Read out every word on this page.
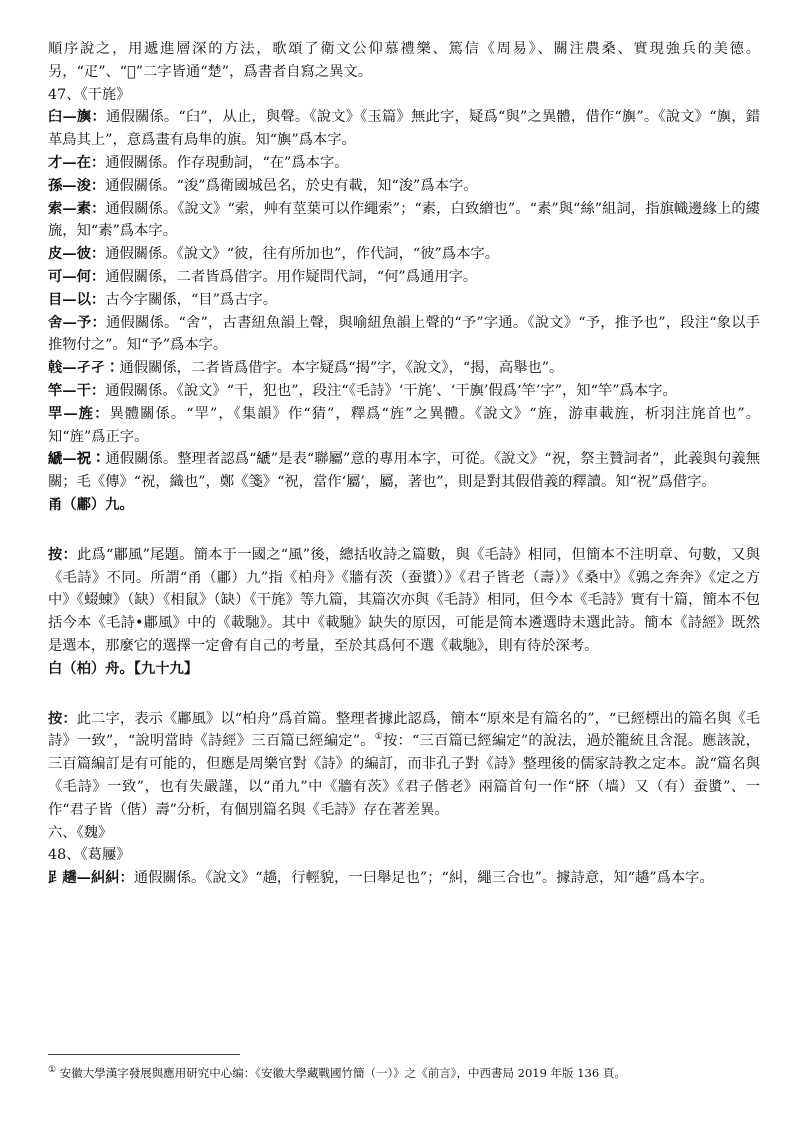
順序說之，用遞進層深的方法，歌頌了衛文公仰慕禮樂、篤信《周易》、關注農桑、實現強兵的美德。另，“疋”、“𤕫”二字皆通“楚”，爲書者自寫之異文。

47、《干旄》

𦥑—旟：通假關係。“𦥑”，从止，與聲。《說文》《玉篇》無此字，疑爲“與”之異體，借作“旟”。《說文》“旟，錯革鳥其上”，意爲畫有鳥隼的旗。知“旟”爲本字。

才—在：通假關係。作存現動詞，“在”爲本字。

孫—浚：通假關係。“浚”爲衛國城邑名，於史有載，知“浚”爲本字。

索—素：通假關係。《說文》“索，艸有莖葉可以作繩索”；“素，白致繒也”。“素”與“絲”組詞，指旗幟邊緣上的縷旒，知“素”爲本字。

皮—彼：通假關係。《說文》“彼，往有所加也”，作代詞，“彼”爲本字。

可—何：通假關係，二者皆爲借字。用作疑問代詞，“何”爲通用字。

目—以：古今字關係，“目”爲古字。

舍—予：通假關係。“舍”，古書紐魚韻上聲，與喻紐魚韻上聲的“予”字通。《說文》“予，推予也”，段注“象以手推物付之”。知“予”爲本字。

𢧢—孑孑：通假關係，二者皆爲借字。本字疑爲“揭”字，《說文》，“揭，高舉也”。

竿—干：通假關係。《說文》“干，犯也”，段注“《毛詩》‘干旄’、‘干旟’假爲‘竿’字”，知“竿”爲本字。

䍐—旌：異體關係。“䍐”，《集韻》作“猜”，釋爲“旌”之異體。《說文》“旌，游車載旌，析羽注旄首也”。知“旌”爲正字。

𦃇—祝：通假關係。整理者認爲“𦃇”是表“聯屬”意的專用本字，可從。《說文》“祝，祭主贊詞者”，此義與句義無關；毛《傳》“祝，織也”，鄭《箋》“祝，當作‘屬’，屬，著也”，則是對其假借義的釋讀。知“祝”爲借字。

甬（鄘）九。

按：此爲“鄘風”尾題。簡本于一國之“風”後，總括收詩之篇數，與《毛詩》相同，但簡本不注明章、句數，又與《毛詩》不同。所謂“甬（鄘）九”指《柏舟》《牆有茨（蚕螿）》《君子皆老（壽）》《桑中》《鶉之奔奔》《定之方中》《蝃蝀》（缺）《相鼠》（缺）《干旄》等九篇，其篇次亦與《毛詩》相同，但今本《毛詩》實有十篇，簡本不包括今本《毛詩•鄘風》中的《載馳》。其中《載馳》缺失的原因，可能是简本遴選時未選此詩。簡本《詩經》既然是選本，那麼它的選擇一定會有自己的考量，至於其爲何不選《載馳》，則有待於深考。

白（柏）舟。【九十九】

按：此二字，表示《鄘風》以“柏舟”爲首篇。整理者據此認爲，簡本“原來是有篇名的”，“已經標出的篇名與《毛詩》一致”，“說明當時《詩經》三百篇已經編定”。①按：“三百篇已經編定”的說法，過於籠統且含混。應該說，三百篇編訂是有可能的，但應是周樂官對《詩》的編訂，而非孔子對《詩》整理後的儒家詩教之定本。說“篇名與《毛詩》一致”，也有失嚴謹，以“甬九”中《牆有茨》《君子偕老》兩篇首句一作“𤖯（墙）又（有）蚕螿”、一作“君子皆（偕）壽”分析，有個別篇名與《毛詩》存在著差異。

六、《魏》

48、《葛屨》

𧾷趫—糾糾：通假關係。《說文》“趫，行輕貌，一曰舉足也”；“糾，繩三合也”。據詩意，知“趫”爲本字。

① 安徽大學漢字發展與應用研究中心编：《安徽大學藏戰國竹簡（一）》之《前言》，中西書局 2019 年版 136 頁。
